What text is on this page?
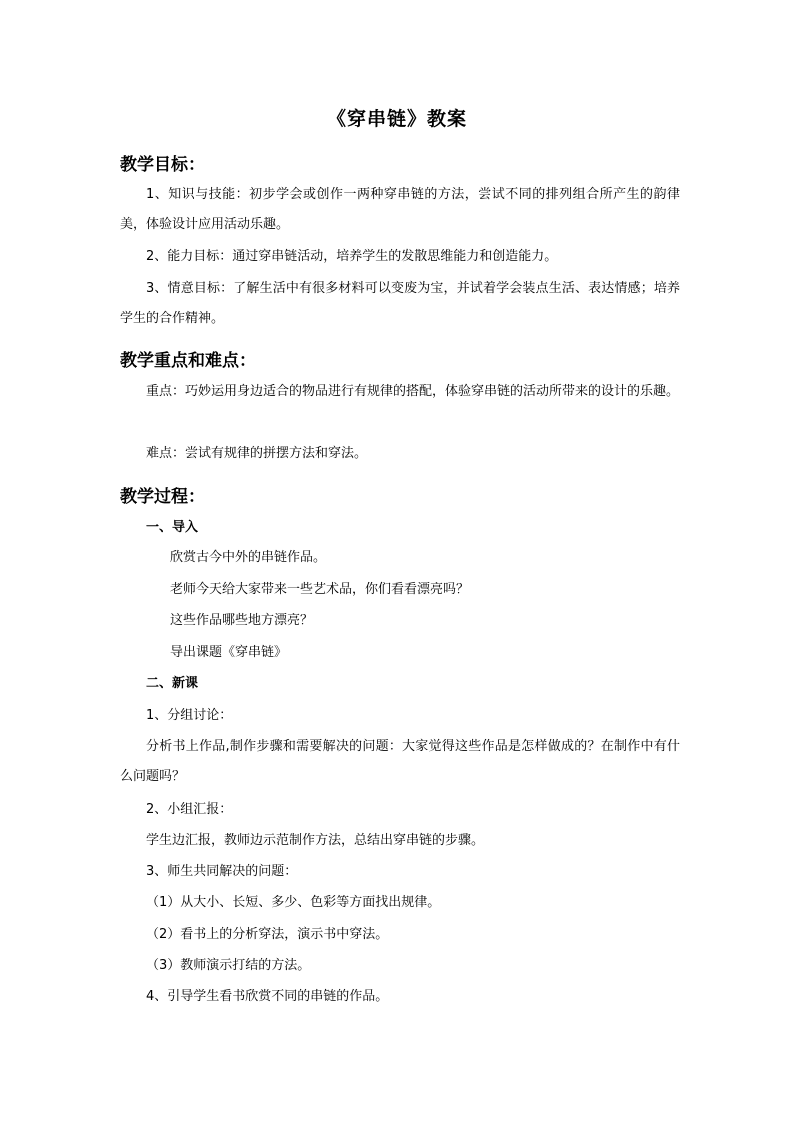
《穿串链》教案
教学目标：
1、知识与技能：初步学会或创作一两种穿串链的方法，尝试不同的排列组合所产生的韵律美，体验设计应用活动乐趣。
2、能力目标：通过穿串链活动，培养学生的发散思维能力和创造能力。
3、情意目标：了解生活中有很多材料可以变废为宝，并试着学会装点生活、表达情感；培养学生的合作精神。
教学重点和难点：
重点：巧妙运用身边适合的物品进行有规律的搭配，体验穿串链的活动所带来的设计的乐趣。
难点：尝试有规律的拼摆方法和穿法。
教学过程：
一、导入
欣赏古今中外的串链作品。
老师今天给大家带来一些艺术品，你们看看漂亮吗？
这些作品哪些地方漂亮？
导出课题《穿串链》
二、新课
1、分组讨论：
分析书上作品,制作步骤和需要解决的问题：大家觉得这些作品是怎样做成的？在制作中有什么问题吗？
2、小组汇报：
学生边汇报，教师边示范制作方法，总结出穿串链的步骤。
3、师生共同解决的问题：
（1）从大小、长短、多少、色彩等方面找出规律。
（2）看书上的分析穿法，演示书中穿法。
（3）教师演示打结的方法。
4、引导学生看书欣赏不同的串链的作品。
